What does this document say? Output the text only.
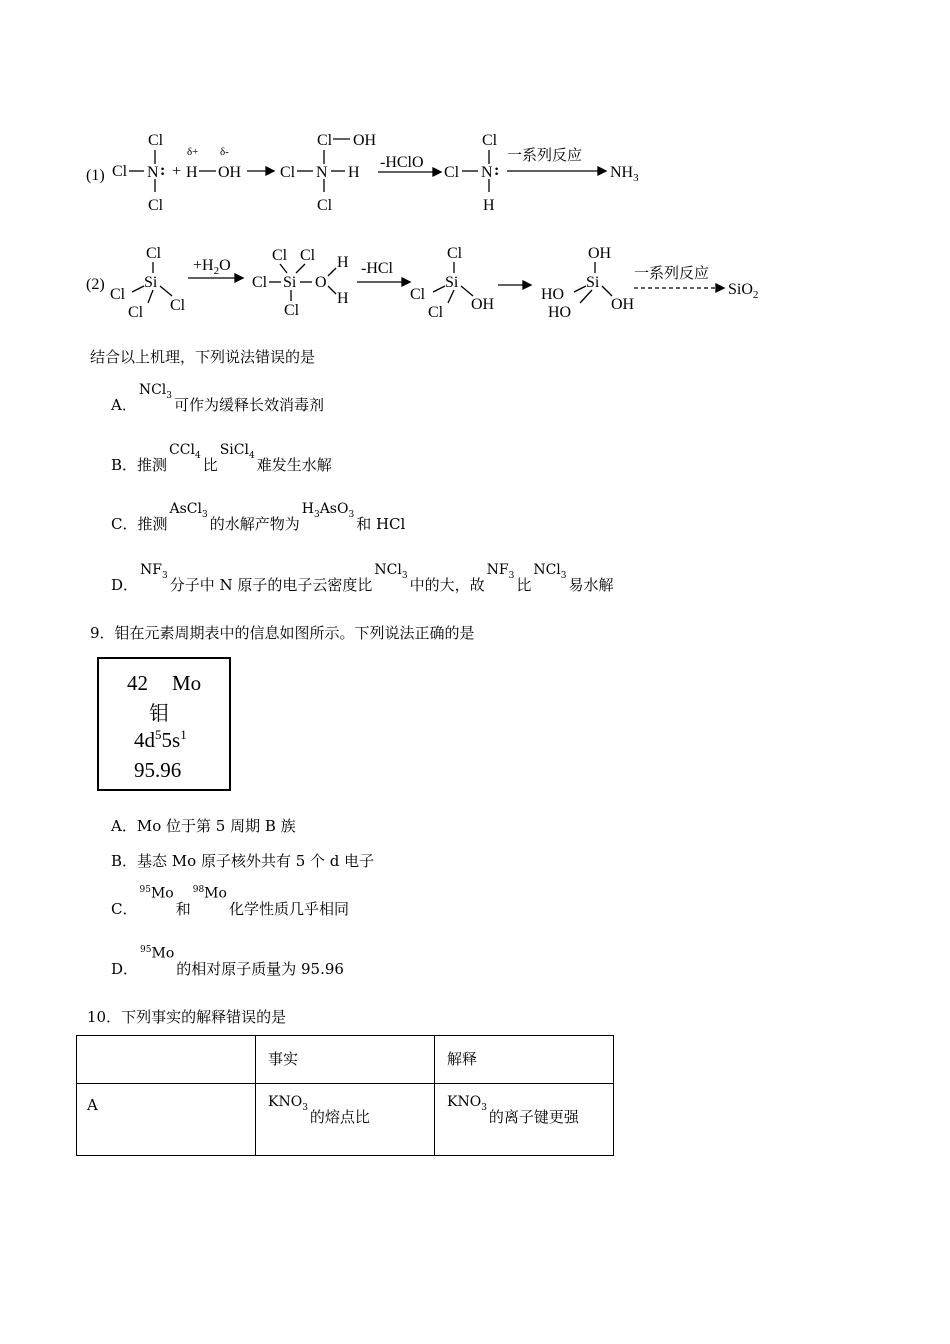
(1)
Cl
Cl N :
Cl
+
δ+ δ-
H OH
Cl OH
Cl N H
Cl
-HClO
Cl
Cl N :
H
一系列反应
$NH_3$
(2)
Cl
Si
Cl
Cl Cl
$+H_2O$
Cl Cl
Cl Si O
H
H
Cl
-HCl
Cl
Si
Cl
Cl OH
OH
Si
HO
HO OH
一系列反应
SiO$_2$
结合以上机理，下列说法错误的是
A．NCl$_3$可作为缓释长效消毒剂
B．推测CCl$_4$比SiCl$_4$难发生水解
C．推测AsCl$_3$的水解产物为$H_3AsO_3$和 HCl
D．$NF_3$分子中 N 原子的电子云密度比NCl$_3$中的大，故$NF_3$比NCl$_3$易水解
9．钼在元素周期表中的信息如图所示。下列说法正确的是
42 Mo
钼
$4d^55s^1$
95.96
A．Mo 位于第 5 周期 B 族
B．基态 Mo 原子核外共有 5 个 d 电子
C．$^{95}$Mo和$^{98}$Mo化学性质几乎相同
D．$^{95}$Mo的相对原子质量为 95.96
10．下列事实的解释错误的是

	事实	解释

A	$KNO_3$的熔点比	$KNO_3$的离子键更强
